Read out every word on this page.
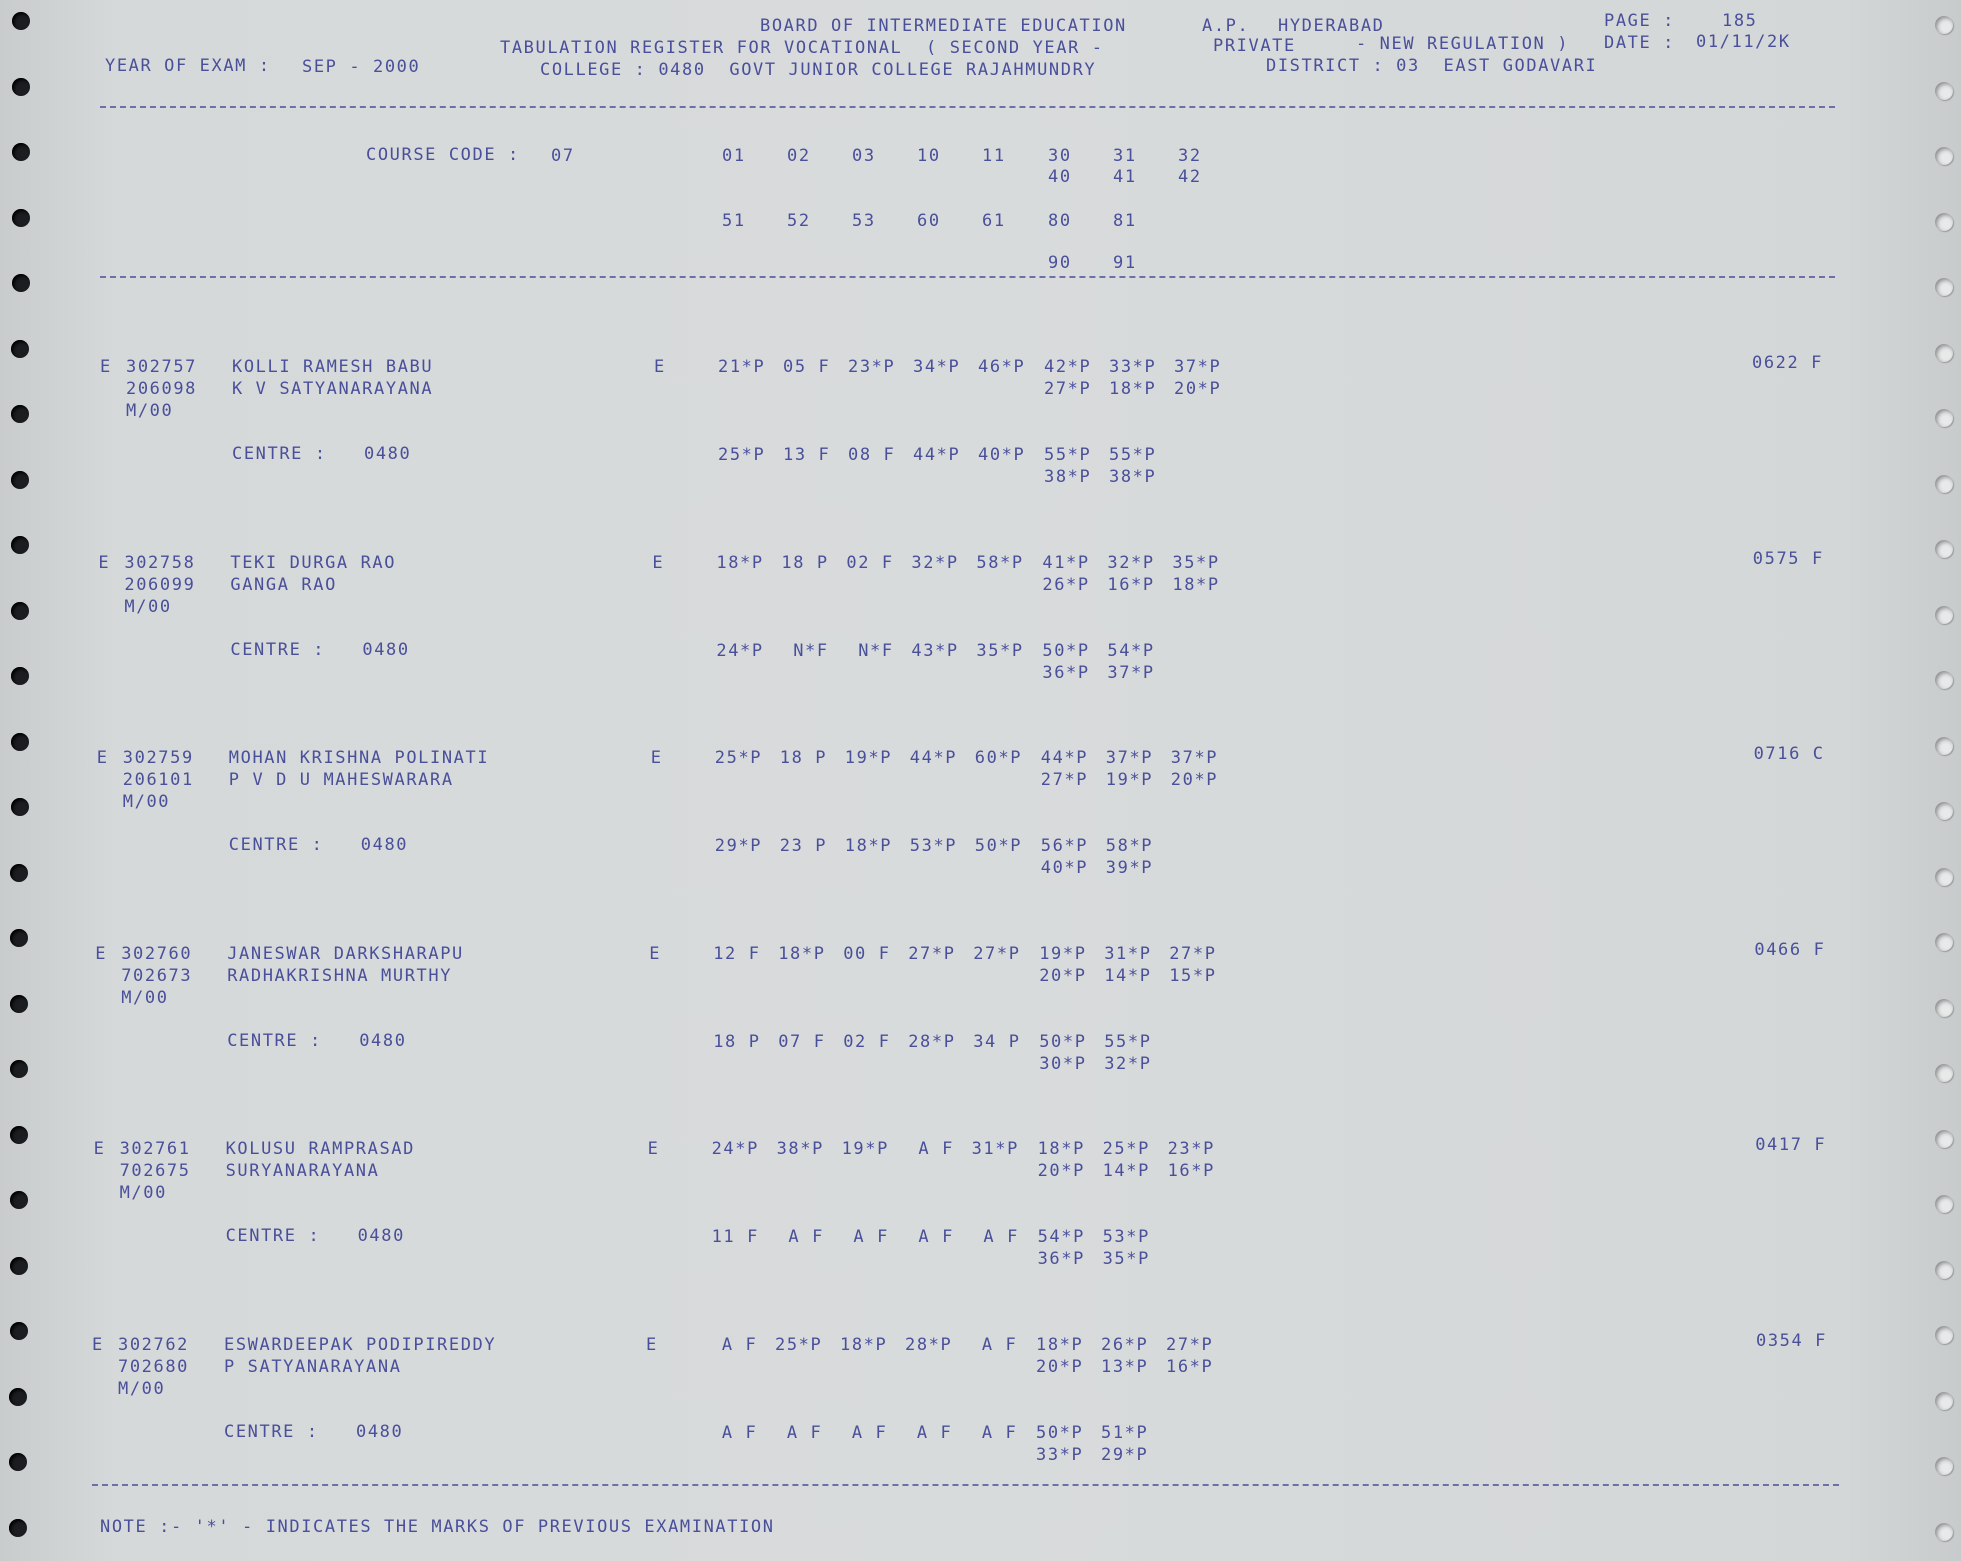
BOARD OF INTERMEDIATE EDUCATION	A.P. HYDERABAD	PAGE :	185
TABULATION REGISTER FOR VOCATIONAL  ( SECOND YEAR -	PRIVATE	- NEW REGULATION ) DATE : 01/11/2K
YEAR OF EXAM : SEP - 2000	COLLEGE : 0480  GOVT JUNIOR COLLEGE RAJAHMUNDRY	DISTRICT : 03  EAST GODAVARI
COURSE CODE : 07	01 02 03 10 11 30 31 32
40 41 42
51 52 53 60 61 80 81
90 91
E 302757 KOLLI RAMESH BABU
206098 K V SATYANARAYANA
M/00
E	21*P 05 F 23*P 34*P 46*P 42*P 33*P 37*P
27*P 18*P 20*P
CENTRE : 0480	25*P 13 F 08 F 44*P 40*P 55*P 55*P
38*P 38*P
0622 F
E 302758 TEKI DURGA RAO
206099 GANGA RAO
M/00
E	18*P 18 P 02 F 32*P 58*P 41*P 32*P 35*P
26*P 16*P 18*P
CENTRE : 0480	24*P N*F N*F 43*P 35*P 50*P 54*P
36*P 37*P
0575 F
E 302759 MOHAN KRISHNA POLINATI
206101 P V D U MAHESWARARA
M/00
E	25*P 18 P 19*P 44*P 60*P 44*P 37*P 37*P
27*P 19*P 20*P
CENTRE : 0480	29*P 23 P 18*P 53*P 50*P 56*P 58*P
40*P 39*P
0716 C
E 302760 JANESWAR DARKSHARAPU
702673 RADHAKRISHNA MURTHY
M/00
E	12 F 18*P 00 F 27*P 27*P 19*P 31*P 27*P
20*P 14*P 15*P
CENTRE : 0480	18 P 07 F 02 F 28*P 34 P 50*P 55*P
30*P 32*P
0466 F
E 302761 KOLUSU RAMPRASAD
702675 SURYANARAYANA
M/00
E	24*P 38*P 19*P A F 31*P 18*P 25*P 23*P
20*P 14*P 16*P
CENTRE : 0480	11 F A F A F A F A F 54*P 53*P
36*P 35*P
0417 F
E 302762 ESWARDEEPAK PODIPIREDDY
702680 P SATYANARAYANA
M/00
E	A F 25*P 18*P 28*P A F 18*P 26*P 27*P
20*P 13*P 16*P
CENTRE : 0480	A F A F A F A F A F 50*P 51*P
33*P 29*P
0354 F
NOTE :- '*' - INDICATES THE MARKS OF PREVIOUS EXAMINATION
